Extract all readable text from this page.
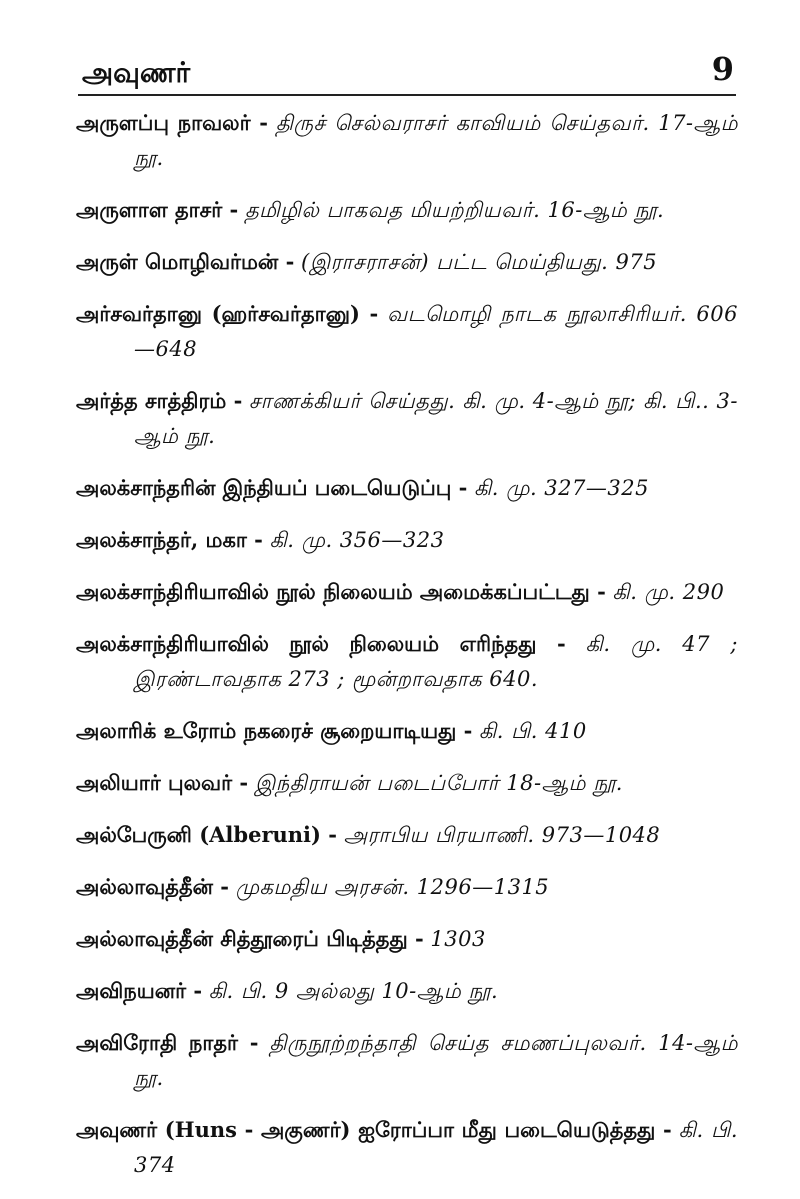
அவுணர்	9

அருளப்பு நாவலர் - திருச் செல்வராசர் காவியம் செய்தவர். 17-ஆம் நூ.

அருளாள தாசர் - தமிழில் பாகவத மியற்றியவர். 16-ஆம் நூ.

அருள் மொழிவர்மன் - (இராசராசன்) பட்ட மெய்தியது. 975

அர்சவர்தானு (ஹர்சவர்தானு) - வடமொழி நாடக நூலாசிரியர். 606—648

அர்த்த சாத்திரம் - சாணக்கியர் செய்தது. கி. மு. 4-ஆம் நூ; கி. பி.. 3-ஆம் நூ.

அலக்சாந்தரின் இந்தியப் படையெடுப்பு - கி. மு. 327—325

அலக்சாந்தர், மகா - கி. மு. 356—323

அலக்சாந்திரியாவில் நூல் நிலையம் அமைக்கப்பட்டது - கி. மு. 290

அலக்சாந்திரியாவில் நூல் நிலையம் எரிந்தது - கி. மு. 47 ; இரண்டாவதாக 273 ; மூன்றாவதாக 640.

அலாரிக் உரோம் நகரைச் சூறையாடியது - கி. பி. 410

அலியார் புலவர் - இந்திராயன் படைப்போர் 18-ஆம் நூ.

அல்பேருனி (Alberuni) - அராபிய பிரயாணி. 973—1048

அல்லாவுத்தீன் - முகமதிய அரசன். 1296—1315

அல்லாவுத்தீன் சித்தூரைப் பிடித்தது - 1303

அவிநயனர் - கி. பி. 9 அல்லது 10-ஆம் நூ.

அவிரோதி நாதர் - திருநூற்றந்தாதி செய்த சமணப்புலவர். 14-ஆம் நூ.

அவுணர் (Huns - அகுணர்) ஐரோப்பா மீது படையெடுத்தது - கி. பி. 374
